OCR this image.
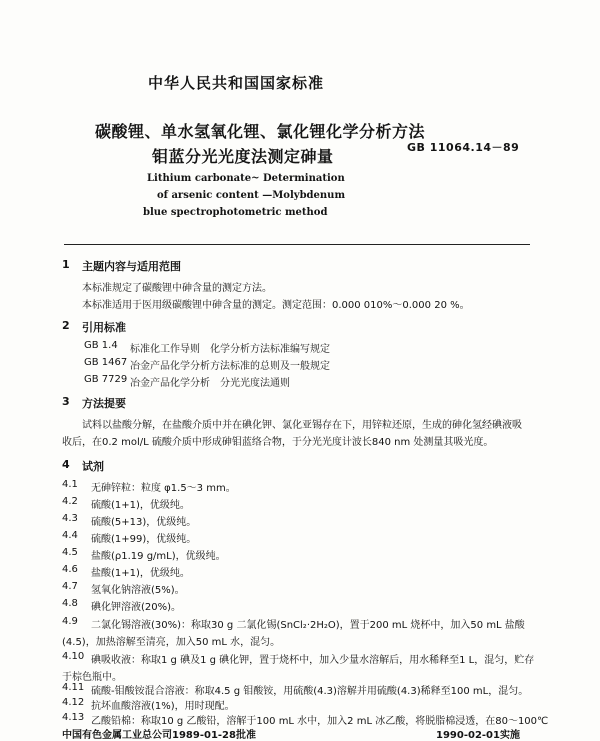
中华人民共和国国家标准
碳酸锂、单水氢氧化锂、氯化锂化学分析方法
钼蓝分光光度法测定砷量	GB 11064.14－89
Lithium carbonate~ Determination
of arsenic content —Molybdenum
blue spectrophotometric method
1 主题内容与适用范围
本标准规定了碳酸锂中砷含量的测定方法。
本标准适用于医用级碳酸锂中砷含量的测定。测定范围：0.000 010%～0.000 20 %。
2 引用标准
GB 1.4 标准化工作导则　化学分析方法标准编写规定
GB 1467 冶金产品化学分析方法标准的总则及一般规定
GB 7729 冶金产品化学分析　分光光度法通则
3 方法提要
试料以盐酸分解，在盐酸介质中并在碘化钾、氯化亚锡存在下，用锌粒还原，生成的砷化氢经碘液吸
收后，在0.2 mol/L 硫酸介质中形成砷钼蓝络合物，于分光光度计波长840 nm 处测量其吸光度。
4 试剂
4.1 无砷锌粒：粒度 φ1.5～3 mm。
4.2 硫酸(1+1)，优级纯。
4.3 硫酸(5+13)，优级纯。
4.4 硫酸(1+99)，优级纯。
4.5 盐酸(ρ1.19 g/mL)，优级纯。
4.6 盐酸(1+1)，优级纯。
4.7 氢氧化钠溶液(5%)。
4.8 碘化钾溶液(20%)。
4.9 二氯化锡溶液(30%)：称取30 g 二氯化锡(SnCl₂·2H₂O)，置于200 mL 烧杯中，加入50 mL 盐酸
(4.5)，加热溶解至清亮，加入50 mL 水，混匀。
4.10 碘吸收液：称取1 g 碘及1 g 碘化钾，置于烧杯中，加入少量水溶解后，用水稀释至1 L，混匀，贮存
于棕色瓶中。
4.11 硫酸-钼酸铵混合溶液：称取4.5 g 钼酸铵，用硫酸(4.3)溶解并用硫酸(4.3)稀释至100 mL，混匀。
4.12 抗坏血酸溶液(1%)，用时现配。
4.13 乙酸铅棉：称取10 g 乙酸铅，溶解于100 mL 水中，加入2 mL 冰乙酸，将脱脂棉浸透，在80～100℃
中国有色金属工业总公司1989-01-28批准	1990-02-01实施
